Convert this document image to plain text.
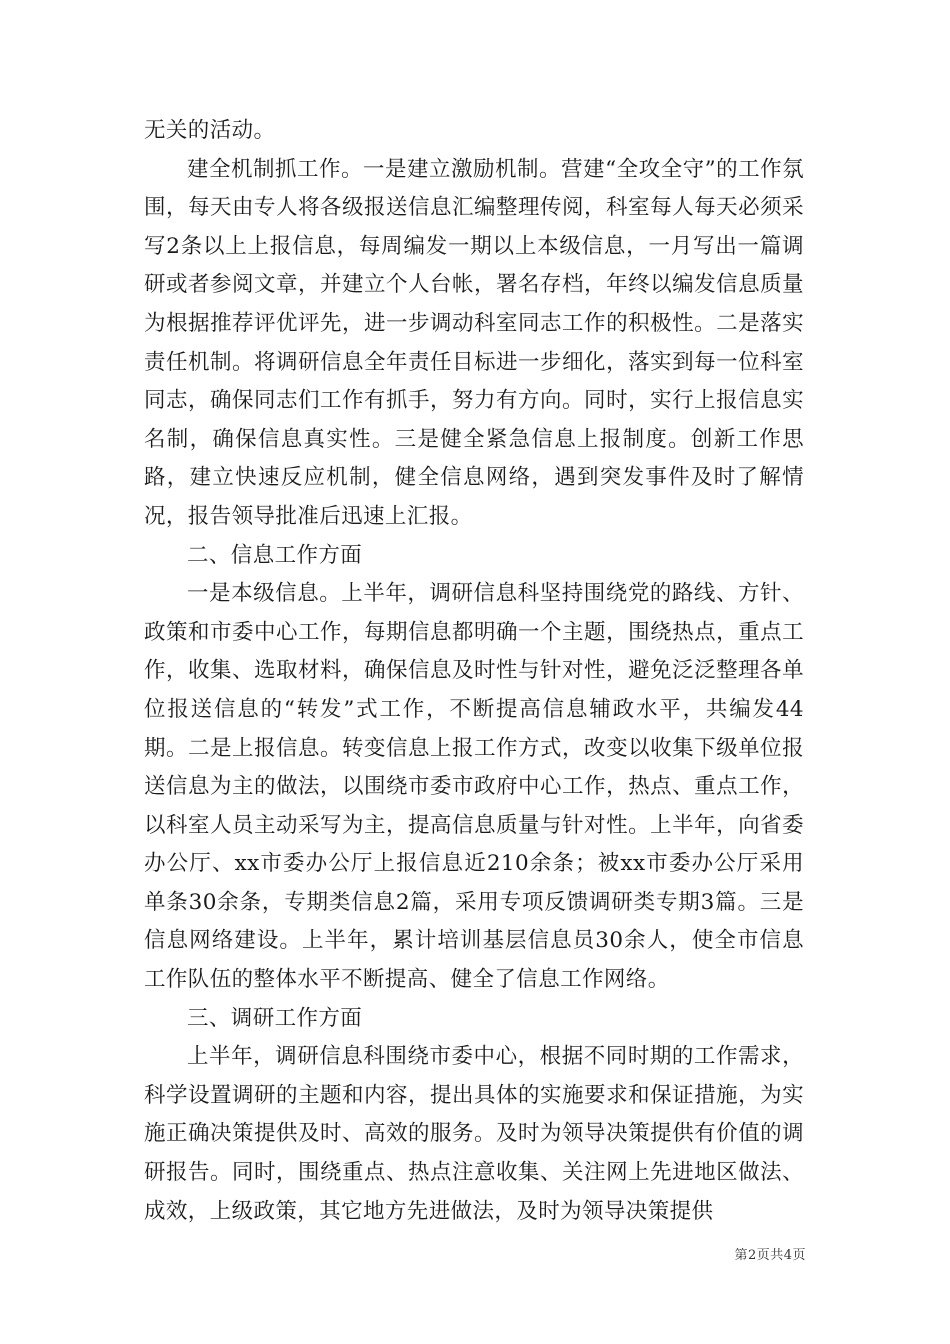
无关的活动。

建全机制抓工作。一是建立激励机制。营建“全攻全守”的工作氛围，每天由专人将各级报送信息汇编整理传阅，科室每人每天必须采写2条以上上报信息，每周编发一期以上本级信息，一月写出一篇调研或者参阅文章，并建立个人台帐，署名存档，年终以编发信息质量为根据推荐评优评先，进一步调动科室同志工作的积极性。二是落实责任机制。将调研信息全年责任目标进一步细化，落实到每一位科室同志，确保同志们工作有抓手，努力有方向。同时，实行上报信息实名制，确保信息真实性。三是健全紧急信息上报制度。创新工作思路，建立快速反应机制，健全信息网络，遇到突发事件及时了解情况，报告领导批准后迅速上汇报。

二、信息工作方面

一是本级信息。上半年，调研信息科坚持围绕党的路线、方针、政策和市委中心工作，每期信息都明确一个主题，围绕热点，重点工作，收集、选取材料，确保信息及时性与针对性，避免泛泛整理各单位报送信息的“转发”式工作，不断提高信息辅政水平，共编发44期。二是上报信息。转变信息上报工作方式，改变以收集下级单位报送信息为主的做法，以围绕市委市政府中心工作，热点、重点工作，以科室人员主动采写为主，提高信息质量与针对性。上半年，向省委办公厅、xx市委办公厅上报信息近210余条；被xx市委办公厅采用单条30余条，专期类信息2篇，采用专项反馈调研类专期3篇。三是信息网络建设。上半年，累计培训基层信息员30余人，使全市信息工作队伍的整体水平不断提高、健全了信息工作网络。

三、调研工作方面

上半年，调研信息科围绕市委中心，根据不同时期的工作需求，科学设置调研的主题和内容，提出具体的实施要求和保证措施，为实施正确决策提供及时、高效的服务。及时为领导决策提供有价值的调研报告。同时，围绕重点、热点注意收集、关注网上先进地区做法、成效，上级政策，其它地方先进做法，及时为领导决策提供

第2页共4页
